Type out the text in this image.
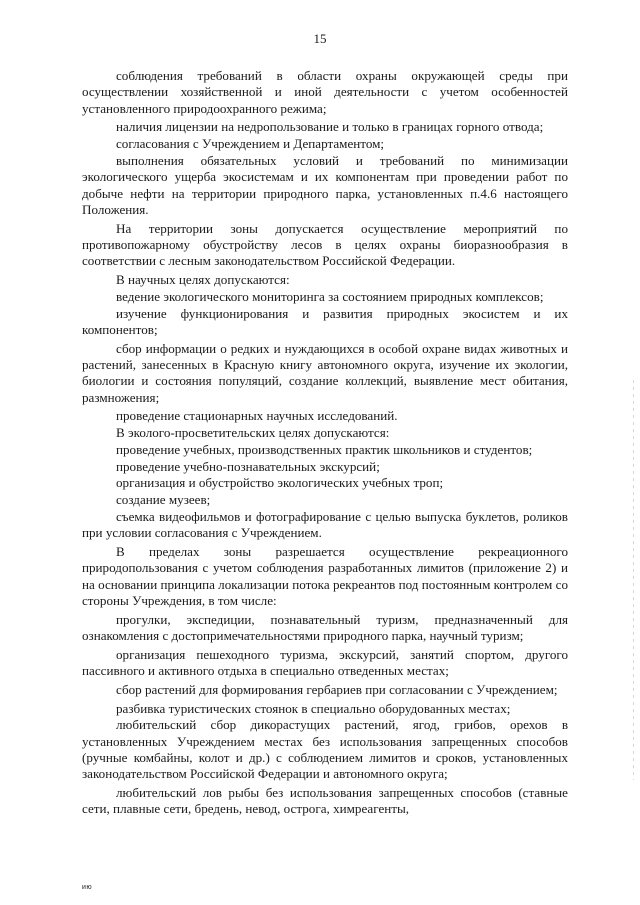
15

соблюдения требований в области охраны окружающей среды при осуществлении хозяйственной и иной деятельности с учетом особенностей установленного природоохранного режима;

наличия лицензии на недропользование и только в границах горного отвода;

согласования с Учреждением и Департаментом;

выполнения обязательных условий и требований по минимизации экологического ущерба экосистемам и их компонентам при проведении работ по добыче нефти на территории природного парка, установленных п.4.6 настоящего Положения.

На территории зоны допускается осуществление мероприятий по противопожарному обустройству лесов в целях охраны биоразнообразия в соответствии с лесным законодательством Российской Федерации.

В научных целях допускаются:

ведение экологического мониторинга за состоянием природных комплексов;

изучение функционирования и развития природных экосистем и их компонентов;

сбор информации о редких и нуждающихся в особой охране видах животных и растений, занесенных в Красную книгу автономного округа, изучение их экологии, биологии и состояния популяций, создание коллекций, выявление мест обитания, размножения;

проведение стационарных научных исследований.

В эколого-просветительских целях допускаются:

проведение учебных, производственных практик школьников и студентов;

проведение учебно-познавательных экскурсий;

организация и обустройство экологических учебных троп;

создание музеев;

съемка видеофильмов и фотографирование с целью выпуска буклетов, роликов при условии согласования с Учреждением.

В пределах зоны разрешается осуществление рекреационного природопользования с учетом соблюдения разработанных лимитов (приложение 2) и на основании принципа локализации потока рекреантов под постоянным контролем со стороны Учреждения, в том числе:

прогулки, экспедиции, познавательный туризм, предназначенный для ознакомления с достопримечательностями природного парка, научный туризм;

организация пешеходного туризма, экскурсий, занятий спортом, другого пассивного и активного отдыха в специально отведенных местах;

сбор растений для формирования гербариев при согласовании с Учреждением;

разбивка туристических стоянок в специально оборудованных местах;

любительский сбор дикорастущих растений, ягод, грибов, орехов в установленных Учреждением местах без использования запрещенных способов (ручные комбайны, колот и др.) с соблюдением лимитов и сроков, установленных законодательством Российской Федерации и автономного округа;

любительский лов рыбы без использования запрещенных способов (ставные сети, плавные сети, бредень, невод, острога, химреагенты,

ию
